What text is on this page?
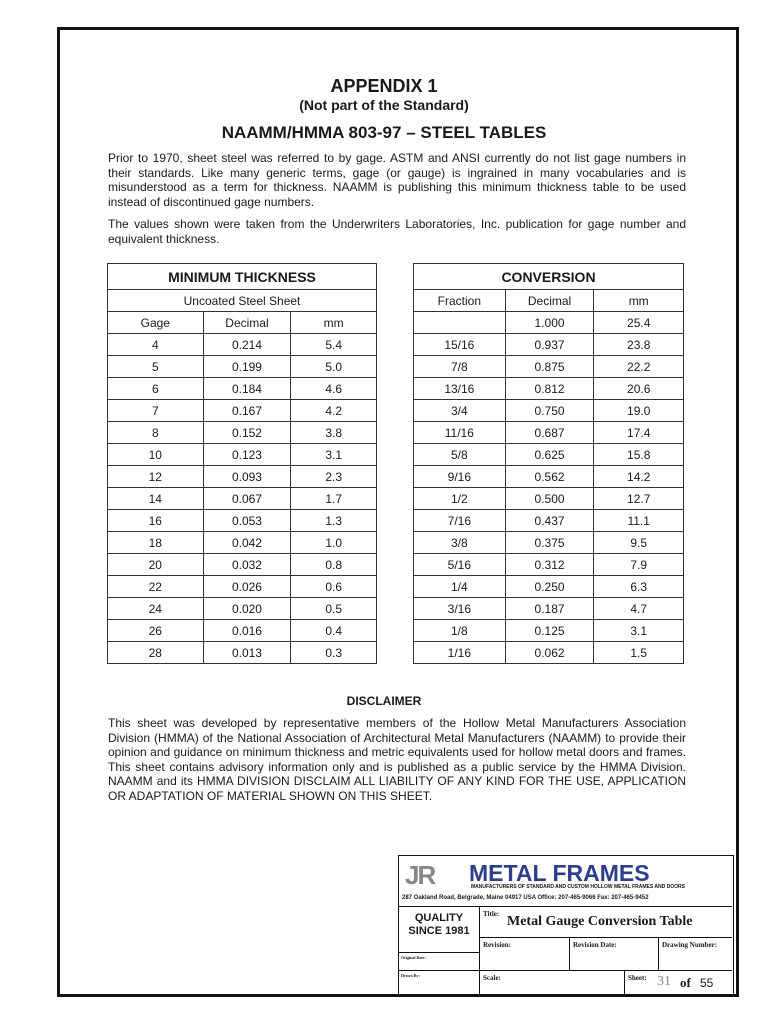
APPENDIX 1
(Not part of the Standard)
NAAMM/HMMA 803-97 – STEEL TABLES
Prior to 1970, sheet steel was referred to by gage. ASTM and ANSI currently do not list gage numbers in their standards. Like many generic terms, gage (or gauge) is ingrained in many vocabularies and is misunderstood as a term for thickness. NAAMM is publishing this minimum thickness table to be used instead of discontinued gage numbers.
The values shown were taken from the Underwriters Laboratories, Inc. publication for gage number and equivalent thickness.
MINIMUM THICKNESS		
Uncoated Steel Sheet		
Gage	Decimal	mm
4	0.214	5.4
5	0.199	5.0
6	0.184	4.6
7	0.167	4.2
8	0.152	3.8
10	0.123	3.1
12	0.093	2.3
14	0.067	1.7
16	0.053	1.3
18	0.042	1.0
20	0.032	0.8
22	0.026	0.6
24	0.020	0.5
26	0.016	0.4
28	0.013	0.3
CONVERSION		
Fraction	Decimal	mm
	1.000	25.4
15/16	0.937	23.8
7/8	0.875	22.2
13/16	0.812	20.6
3/4	0.750	19.0
11/16	0.687	17.4
5/8	0.625	15.8
9/16	0.562	14.2
1/2	0.500	12.7
7/16	0.437	11.1
3/8	0.375	9.5
5/16	0.312	7.9
1/4	0.250	6.3
3/16	0.187	4.7
1/8	0.125	3.1
1/16	0.062	1.5
DISCLAIMER
This sheet was developed by representative members of the Hollow Metal Manufacturers Association Division (HMMA) of the National Association of Architectural Metal Manufacturers (NAAMM) to provide their opinion and guidance on minimum thickness and metric equivalents used for hollow metal doors and frames. This sheet contains advisory information only and is published as a public service by the HMMA Division. NAAMM and its HMMA DIVISION DISCLAIM ALL LIABILITY OF ANY KIND FOR THE USE, APPLICATION OR ADAPTATION OF MATERIAL SHOWN ON THIS SHEET.
JR METAL FRAMES
MANUFACTURERS OF STANDARD AND CUSTOM HOLLOW METAL FRAMES AND DOORS
287 Oakland Road, Belgrade, Maine 04917 USA Office: 207-465-9066 Fax: 207-465-9452
QUALITY
SINCE 1981
Title: Metal Gauge Conversion Table
Revision:	Revision Date:	Drawing Number:
Original Date:
Drawn By:	Scale:	Sheet: 31 of 55
